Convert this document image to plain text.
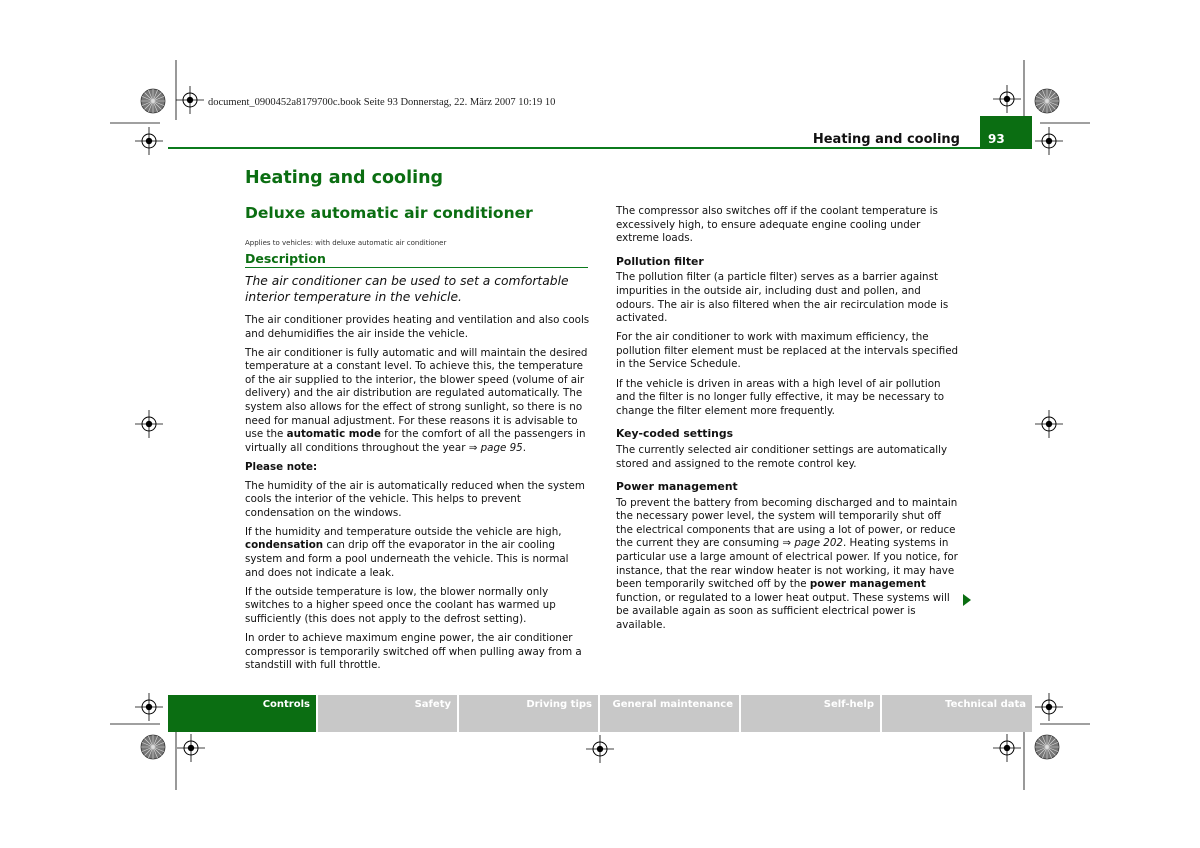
document_0900452a8179700c.book Seite 93 Donnerstag, 22. März 2007 10:19 10
Heating and cooling	93
Heating and cooling
Deluxe automatic air conditioner
Applies to vehicles: with deluxe automatic air conditioner
Description
The air conditioner can be used to set a comfortable interior temperature in the vehicle.

The air conditioner provides heating and ventilation and also cools and dehumidifies the air inside the vehicle.

The air conditioner is fully automatic and will maintain the desired temperature at a constant level. To achieve this, the temperature of the air supplied to the interior, the blower speed (volume of air delivery) and the air distribution are regulated automatically. The system also allows for the effect of strong sunlight, so there is no need for manual adjustment. For these reasons it is advisable to use the automatic mode for the comfort of all the passengers in virtually all conditions throughout the year ⇒ page 95.

Please note:

The humidity of the air is automatically reduced when the system cools the interior of the vehicle. This helps to prevent condensation on the windows.

If the humidity and temperature outside the vehicle are high, condensation can drip off the evaporator in the air cooling system and form a pool underneath the vehicle. This is normal and does not indicate a leak.

If the outside temperature is low, the blower normally only switches to a higher speed once the coolant has warmed up sufficiently (this does not apply to the defrost setting).

In order to achieve maximum engine power, the air conditioner compressor is temporarily switched off when pulling away from a standstill with full throttle.

The compressor also switches off if the coolant temperature is excessively high, to ensure adequate engine cooling under extreme loads.

Pollution filter

The pollution filter (a particle filter) serves as a barrier against impurities in the outside air, including dust and pollen, and odours. The air is also filtered when the air recirculation mode is activated.

For the air conditioner to work with maximum efficiency, the pollution filter element must be replaced at the intervals specified in the Service Schedule.

If the vehicle is driven in areas with a high level of air pollution and the filter is no longer fully effective, it may be necessary to change the filter element more frequently.

Key-coded settings

The currently selected air conditioner settings are automatically stored and assigned to the remote control key.

Power management

To prevent the battery from becoming discharged and to maintain the necessary power level, the system will temporarily shut off the electrical components that are using a lot of power, or reduce the current they are consuming ⇒ page 202. Heating systems in particular use a large amount of electrical power. If you notice, for instance, that the rear window heater is not working, it may have been temporarily switched off by the power management function, or regulated to a lower heat output. These systems will be available again as soon as sufficient electrical power is available.

Controls	Safety	Driving tips	General maintenance	Self-help	Technical data
